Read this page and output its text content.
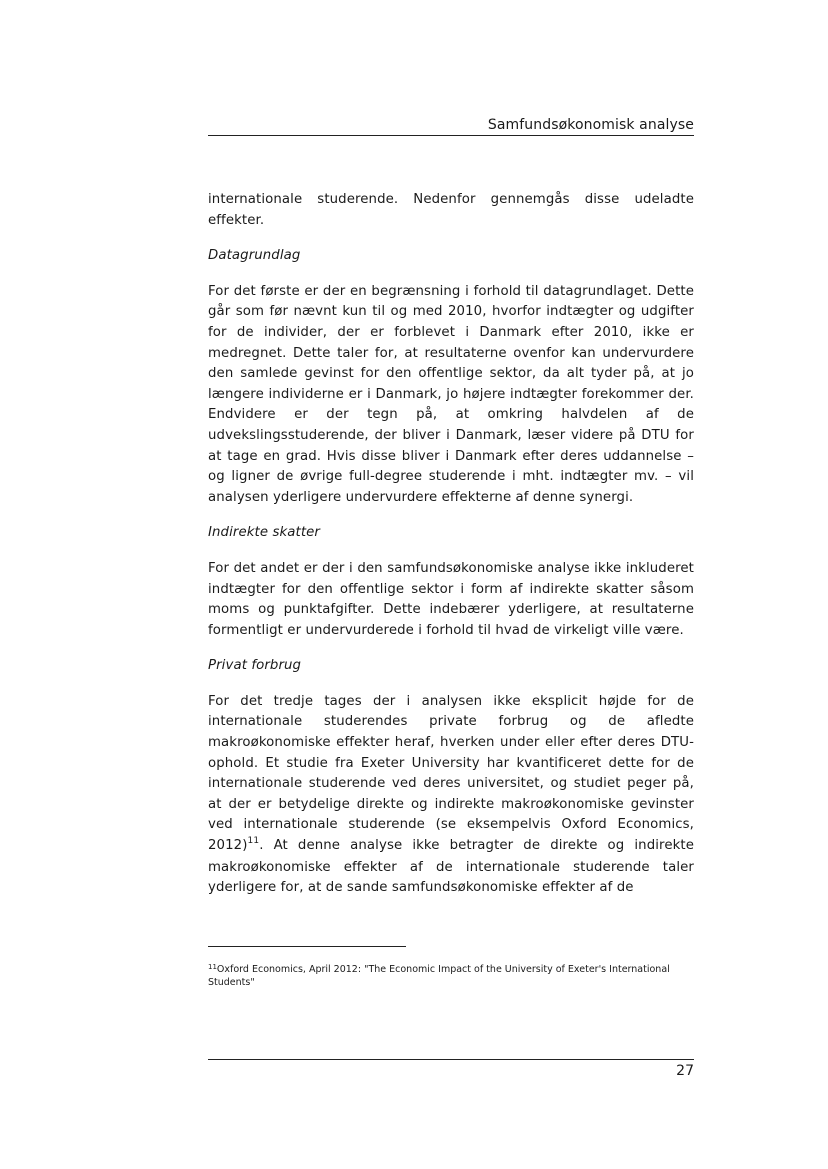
Samfundsøkonomisk analyse

internationale studerende. Nedenfor gennemgås disse udeladte effekter.

Datagrundlag

For det første er der en begrænsning i forhold til datagrundlaget. Dette går som før nævnt kun til og med 2010, hvorfor indtægter og udgifter for de individer, der er forblevet i Danmark efter 2010, ikke er medregnet. Dette taler for, at resultaterne ovenfor kan undervurdere den samlede gevinst for den offentlige sektor, da alt tyder på, at jo længere individerne er i Danmark, jo højere indtægter forekommer der. Endvidere er der tegn på, at omkring halvdelen af de udvekslingsstuderende, der bliver i Danmark, læser videre på DTU for at tage en grad. Hvis disse bliver i Danmark efter deres uddannelse – og ligner de øvrige full-degree studerende i mht. indtægter mv. – vil analysen yderligere undervurdere effekterne af denne synergi.

Indirekte skatter

For det andet er der i den samfundsøkonomiske analyse ikke inkluderet indtægter for den offentlige sektor i form af indirekte skatter såsom moms og punktafgifter. Dette indebærer yderligere, at resultaterne formentligt er undervurderede i forhold til hvad de virkeligt ville være.

Privat forbrug

For det tredje tages der i analysen ikke eksplicit højde for de internationale studerendes private forbrug og de afledte makroøkonomiske effekter heraf, hverken under eller efter deres DTU-ophold. Et studie fra Exeter University har kvantificeret dette for de internationale studerende ved deres universitet, og studiet peger på, at der er betydelige direkte og indirekte makroøkonomiske gevinster ved internationale studerende (se eksempelvis Oxford Economics, 2012)$^{11}$. At denne analyse ikke betragter de direkte og indirekte makroøkonomiske effekter af de internationale studerende taler yderligere for, at de sande samfundsøkonomiske effekter af de

$^{11}$Oxford Economics, April 2012: "The Economic Impact of the University of Exeter's International Students"
27
